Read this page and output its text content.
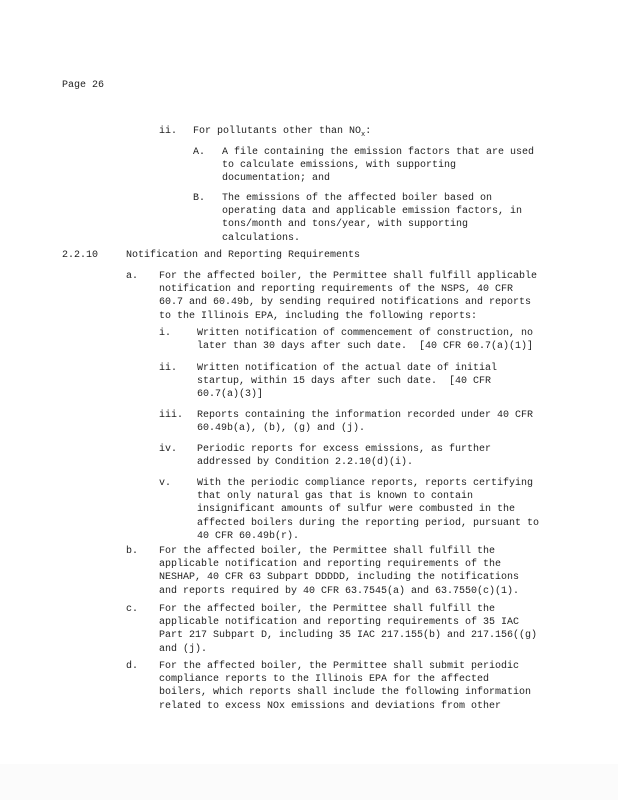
Page 26
ii. For pollutants other than $NO_x$:
A. A file containing the emission factors that are used
to calculate emissions, with supporting
documentation; and
B. The emissions of the affected boiler based on
operating data and applicable emission factors, in
tons/month and tons/year, with supporting
calculations.
2.2.10	Notification and Reporting Requirements
a. For the affected boiler, the Permittee shall fulfill applicable
notification and reporting requirements of the NSPS, 40 CFR
60.7 and 60.49b, by sending required notifications and reports
to the Illinois EPA, including the following reports:
i.	Written notification of commencement of construction, no
later than 30 days after such date.  [40 CFR 60.7(a)(1)]
ii. Written notification of the actual date of initial
startup, within 15 days after such date.  [40 CFR
60.7(a)(3)]
iii. Reports containing the information recorded under 40 CFR
60.49b(a), (b), (g) and (j).
iv. Periodic reports for excess emissions, as further
addressed by Condition 2.2.10(d)(i).
v.	With the periodic compliance reports, reports certifying
that only natural gas that is known to contain
insignificant amounts of sulfur were combusted in the
affected boilers during the reporting period, pursuant to
40 CFR 60.49b(r).
b. For the affected boiler, the Permittee shall fulfill the
applicable notification and reporting requirements of the
NESHAP, 40 CFR 63 Subpart DDDDD, including the notifications
and reports required by 40 CFR 63.7545(a) and 63.7550(c)(1).
c. For the affected boiler, the Permittee shall fulfill the
applicable notification and reporting requirements of 35 IAC
Part 217 Subpart D, including 35 IAC 217.155(b) and 217.156((g)
and (j).
d. For the affected boiler, the Permittee shall submit periodic
compliance reports to the Illinois EPA for the affected
boilers, which reports shall include the following information
related to excess NOx emissions and deviations from other
